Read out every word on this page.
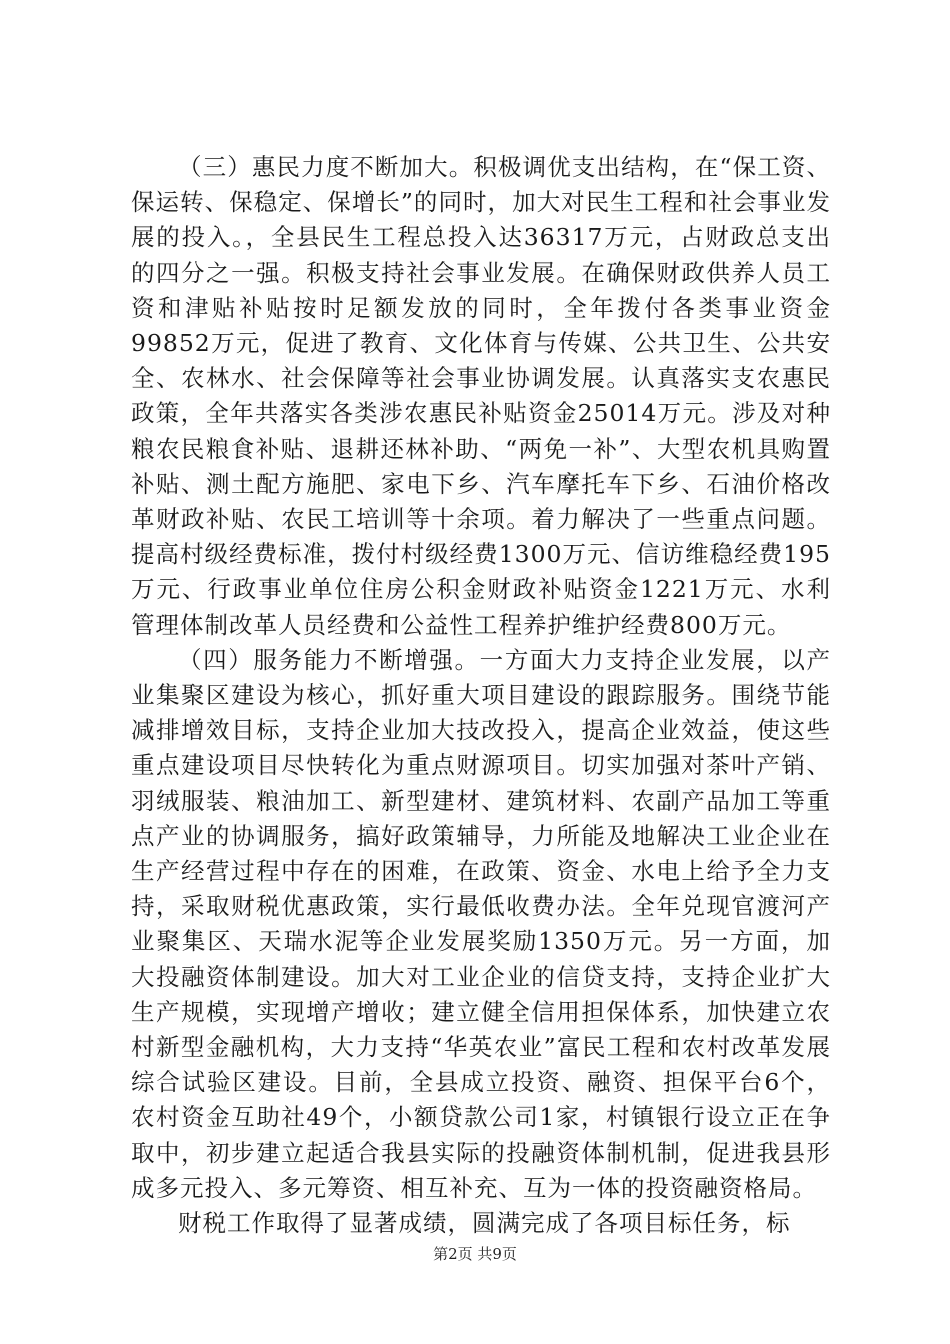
（三）惠民力度不断加大。积极调优支出结构，在“保工资、保运转、保稳定、保增长”的同时，加大对民生工程和社会事业发展的投入。，全县民生工程总投入达36317万元，占财政总支出的四分之一强。积极支持社会事业发展。在确保财政供养人员工资和津贴补贴按时足额发放的同时，全年拨付各类事业资金99852万元，促进了教育、文化体育与传媒、公共卫生、公共安全、农林水、社会保障等社会事业协调发展。认真落实支农惠民政策，全年共落实各类涉农惠民补贴资金25014万元。涉及对种粮农民粮食补贴、退耕还林补助、“两免一补”、大型农机具购置补贴、测土配方施肥、家电下乡、汽车摩托车下乡、石油价格改革财政补贴、农民工培训等十余项。着力解决了一些重点问题。提高村级经费标准，拨付村级经费1300万元、信访维稳经费195万元、行政事业单位住房公积金财政补贴资金1221万元、水利管理体制改革人员经费和公益性工程养护维护经费800万元。

（四）服务能力不断增强。一方面大力支持企业发展，以产业集聚区建设为核心，抓好重大项目建设的跟踪服务。围绕节能减排增效目标，支持企业加大技改投入，提高企业效益，使这些重点建设项目尽快转化为重点财源项目。切实加强对茶叶产销、羽绒服装、粮油加工、新型建材、建筑材料、农副产品加工等重点产业的协调服务，搞好政策辅导，力所能及地解决工业企业在生产经营过程中存在的困难，在政策、资金、水电上给予全力支持，采取财税优惠政策，实行最低收费办法。全年兑现官渡河产业聚集区、天瑞水泥等企业发展奖励1350万元。另一方面，加大投融资体制建设。加大对工业企业的信贷支持，支持企业扩大生产规模，实现增产增收；建立健全信用担保体系，加快建立农村新型金融机构，大力支持“华英农业”富民工程和农村改革发展综合试验区建设。目前，全县成立投资、融资、担保平台6个，农村资金互助社49个，小额贷款公司1家，村镇银行设立正在争取中，初步建立起适合我县实际的投融资体制机制，促进我县形成多元投入、多元筹资、相互补充、互为一体的投资融资格局。

财税工作取得了显著成绩，圆满完成了各项目标任务，标

第2页 共9页
